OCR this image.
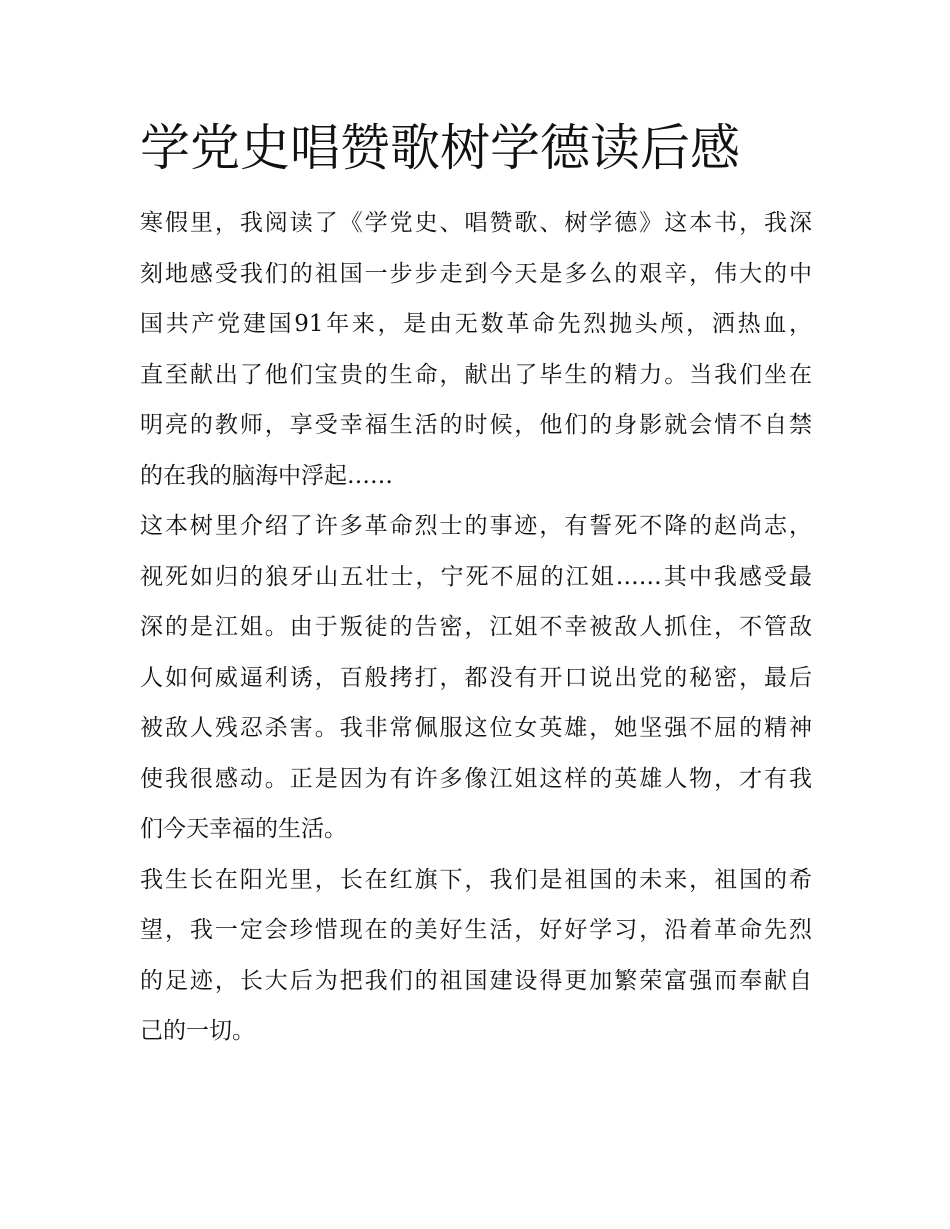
学党史唱赞歌树学德读后感

寒假里，我阅读了《学党史、唱赞歌、树学德》这本书，我深
刻地感受我们的祖国一步步走到今天是多么的艰辛，伟大的中
国共产党建国91年来，是由无数革命先烈抛头颅，洒热血，
直至献出了他们宝贵的生命，献出了毕生的精力。当我们坐在
明亮的教师，享受幸福生活的时候，他们的身影就会情不自禁
的在我的脑海中浮起……

这本树里介绍了许多革命烈士的事迹，有誓死不降的赵尚志，
视死如归的狼牙山五壮士，宁死不屈的江姐……其中我感受最
深的是江姐。由于叛徒的告密，江姐不幸被敌人抓住，不管敌
人如何威逼利诱，百般拷打，都没有开口说出党的秘密，最后
被敌人残忍杀害。我非常佩服这位女英雄，她坚强不屈的精神
使我很感动。正是因为有许多像江姐这样的英雄人物，才有我
们今天幸福的生活。

我生长在阳光里，长在红旗下，我们是祖国的未来，祖国的希
望，我一定会珍惜现在的美好生活，好好学习，沿着革命先烈
的足迹，长大后为把我们的祖国建设得更加繁荣富强而奉献自
己的一切。
